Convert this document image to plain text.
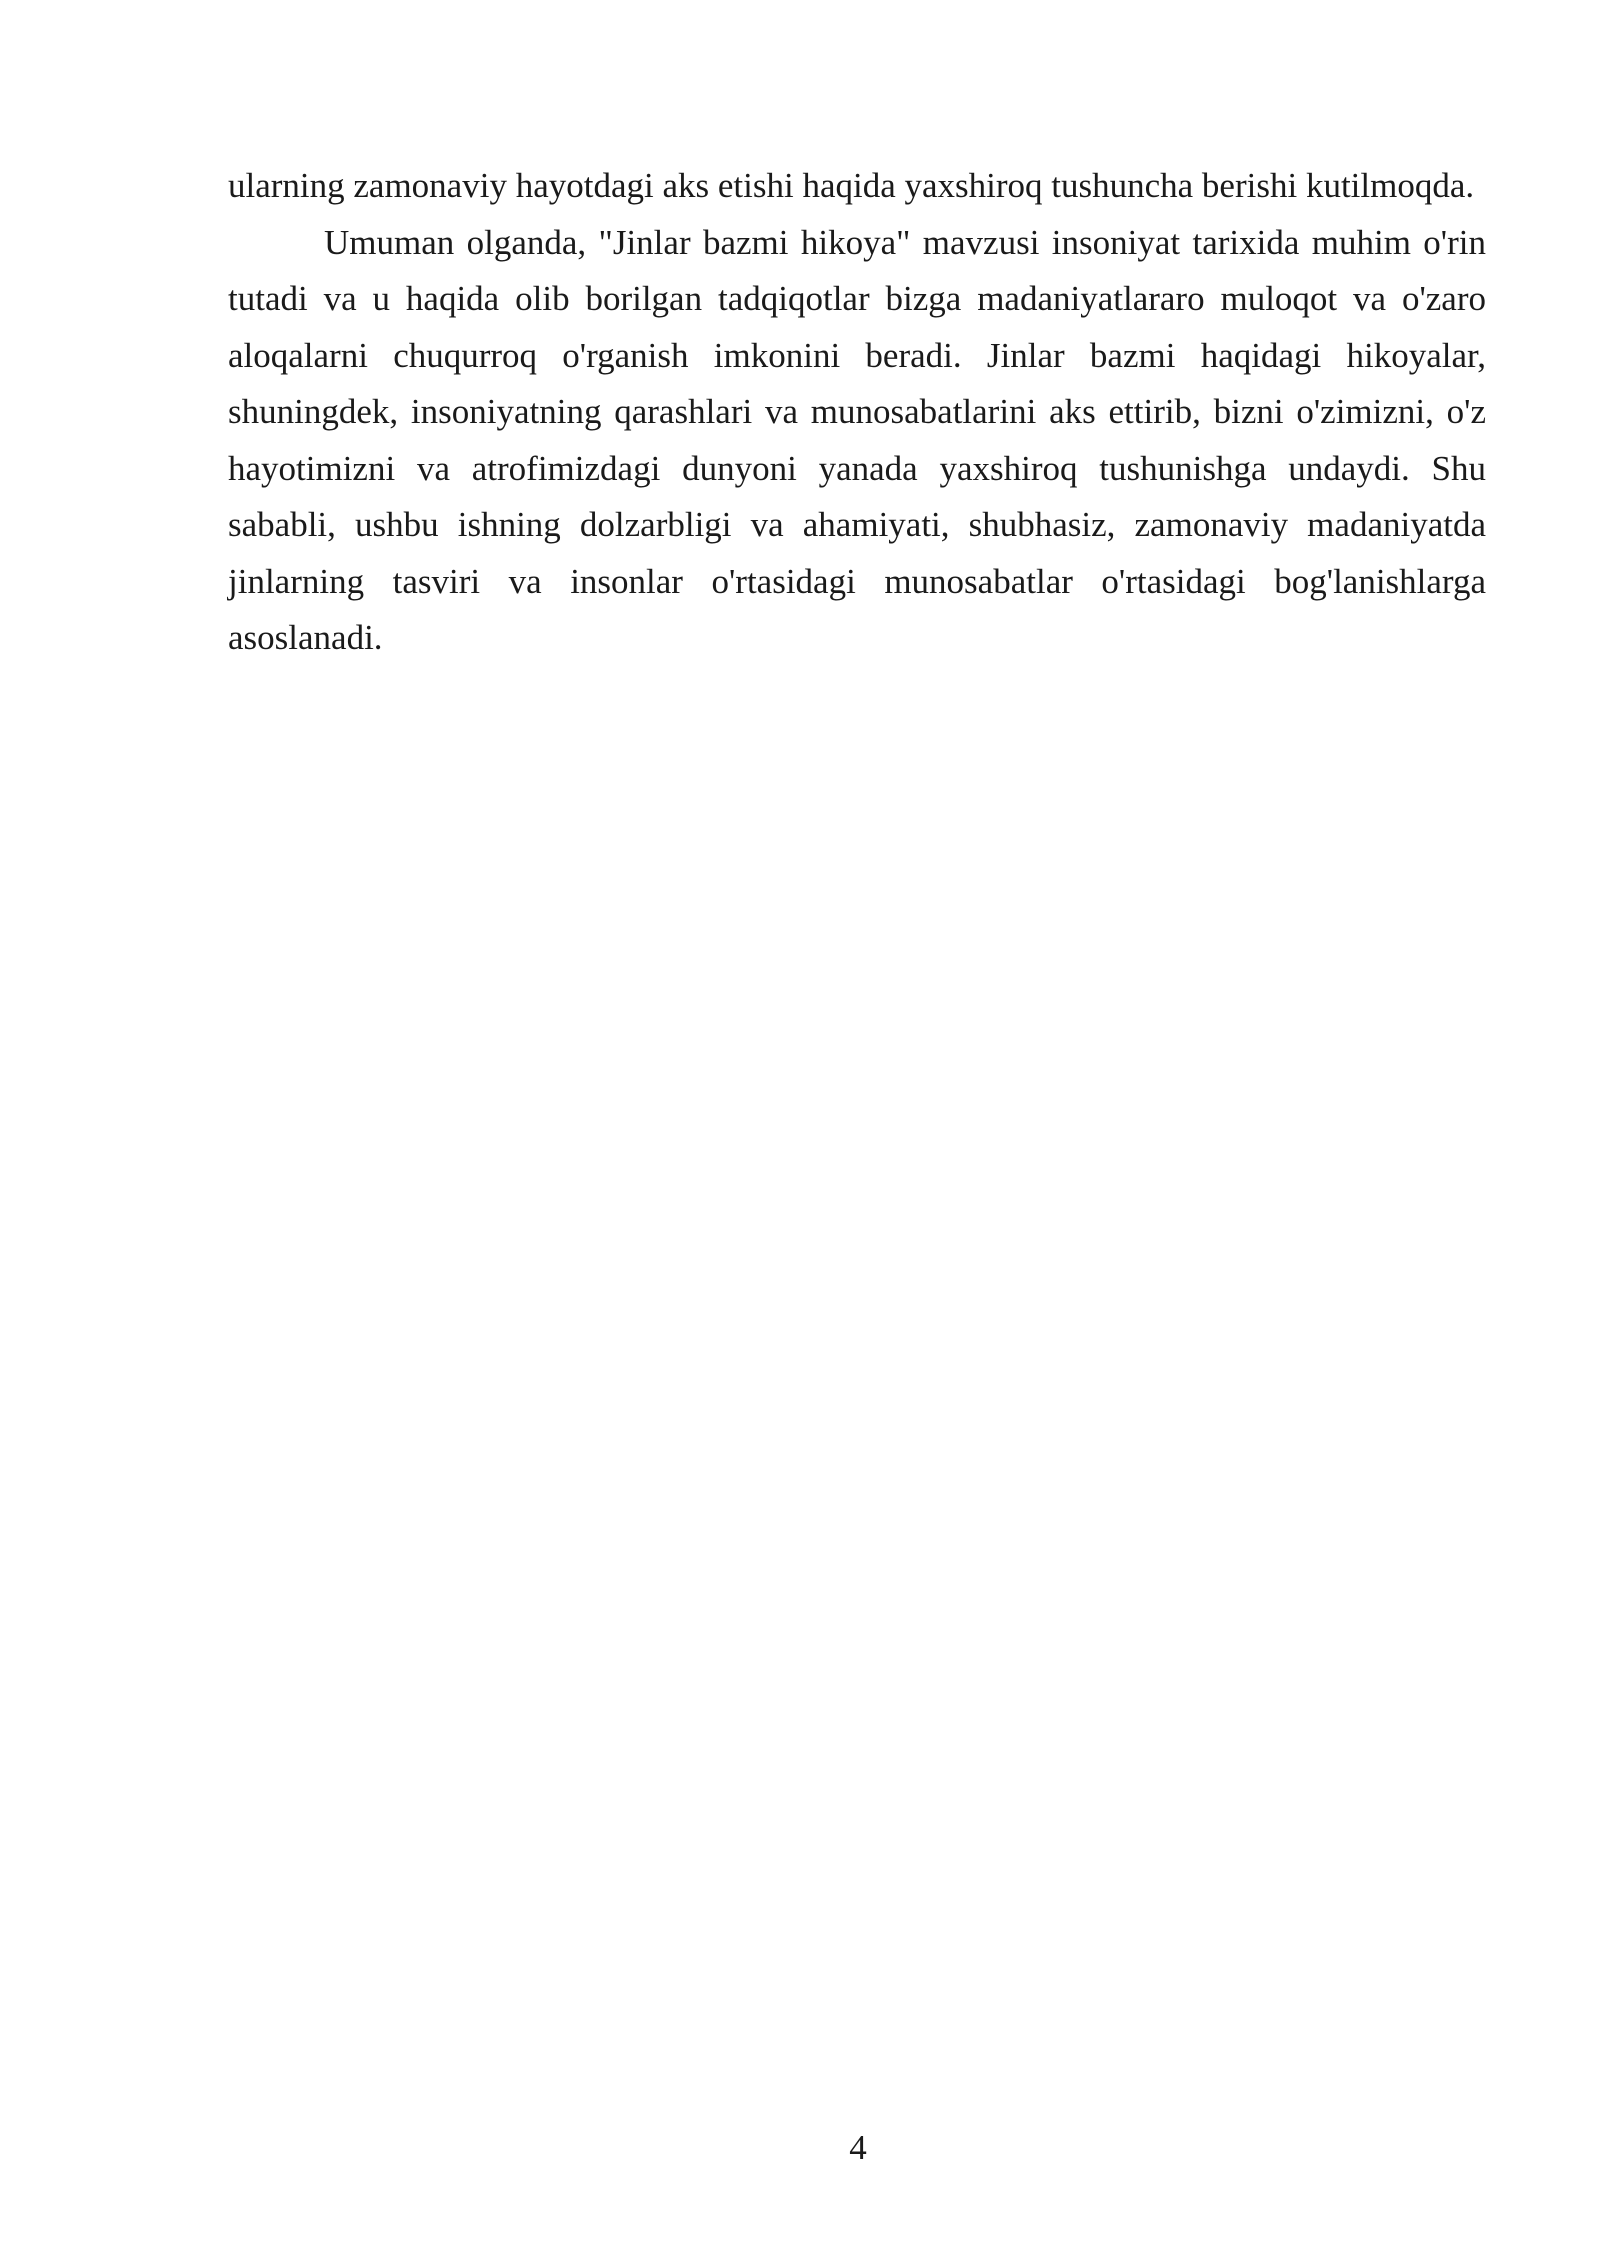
ularning zamonaviy hayotdagi aks etishi haqida yaxshiroq tushuncha berishi kutilmoqda.

Umuman olganda, "Jinlar bazmi hikoya" mavzusi insoniyat tarixida muhim o'rin tutadi va u haqida olib borilgan tadqiqotlar bizga madaniyatlararo muloqot va o'zaro aloqalarni chuqurroq o'rganish imkonini beradi. Jinlar bazmi haqidagi hikoyalar, shuningdek, insoniyatning qarashlari va munosabatlarini aks ettirib, bizni o'zimizni, o'z hayotimizni va atrofimizdagi dunyoni yanada yaxshiroq tushunishga undaydi. Shu sababli, ushbu ishning dolzarbligi va ahamiyati, shubhasiz, zamonaviy madaniyatda jinlarning tasviri va insonlar o'rtasidagi munosabatlar o'rtasidagi bog'lanishlarga asoslanadi.

4
